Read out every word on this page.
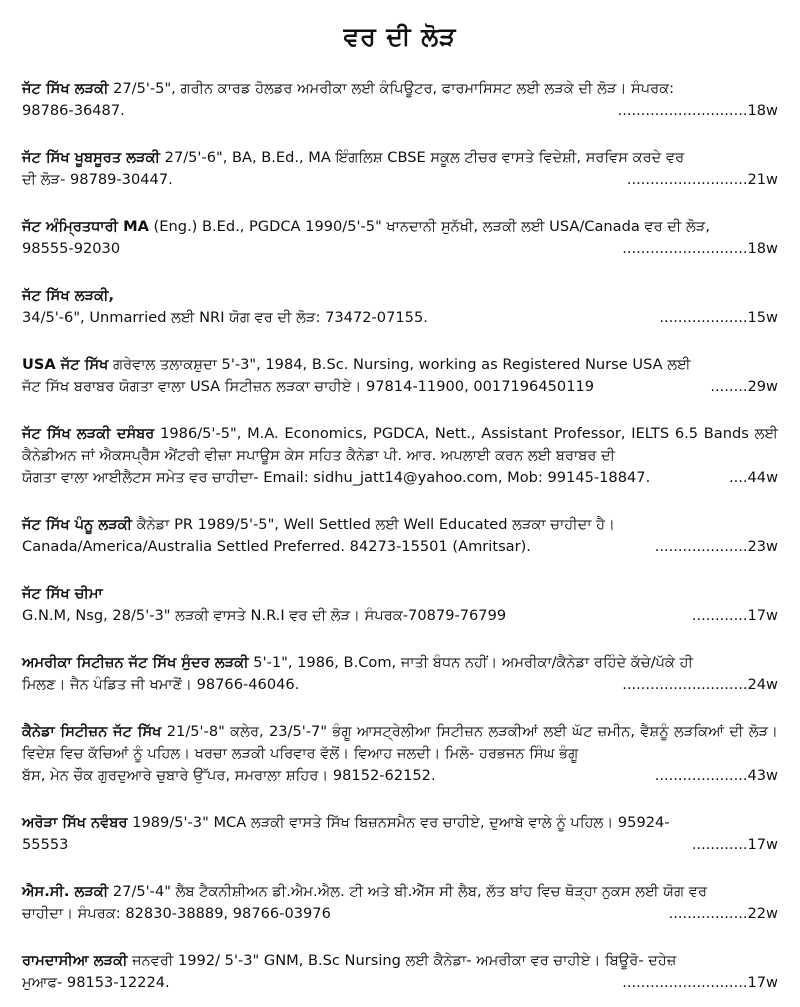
ਵਰ ਦੀ ਲੋੜ
ਜੱਟ ਸਿੱਖ ਲੜਕੀ 27/5'-5", ਗਰੀਨ ਕਾਰਡ ਹੋਲਡਰ ਅਮਰੀਕਾ ਲਈ ਕੰਪਿਊਟਰ, ਫਾਰਮਾਸਿਸਟ ਲਈ ਲੜਕੇ ਦੀ ਲੋੜ। ਸੰਪਰਕ:
98786-36487.	............................18w
ਜੱਟ ਸਿੱਖ ਖੂਬਸੂਰਤ ਲੜਕੀ 27/5'-6", BA, B.Ed., MA ਇੰਗਲਿਸ਼ CBSE ਸਕੂਲ ਟੀਚਰ ਵਾਸਤੇ ਵਿਦੇਸ਼ੀ, ਸਰਵਿਸ ਕਰਦੇ ਵਰ
ਦੀ ਲੋੜ- 98789-30447.	..........................21w
ਜੱਟ ਅੰਮ੍ਰਿਤਧਾਰੀ MA (Eng.) B.Ed., PGDCA 1990/5'-5" ਖਾਨਦਾਨੀ ਸੁਨੱਖੀ, ਲੜਕੀ ਲਈ USA/Canada ਵਰ ਦੀ ਲੋੜ,
98555-92030	...........................18w
ਜੱਟ ਸਿੱਖ ਲੜਕੀ,
34/5'-6", Unmarried ਲਈ NRI ਯੋਗ ਵਰ ਦੀ ਲੋੜ: 73472-07155.	...................15w
USA ਜੱਟ ਸਿੱਖ ਗਰੇਵਾਲ ਤਲਾਕਸ਼ੁਦਾ 5'-3", 1984, B.Sc. Nursing, working as Registered Nurse USA ਲਈ
ਜੱਟ ਸਿੱਖ ਬਰਾਬਰ ਯੋਗਤਾ ਵਾਲਾ USA ਸਿਟੀਜ਼ਨ ਲੜਕਾ ਚਾਹੀਏ। 97814-11900, 0017196450119	........29w
ਜੱਟ ਸਿੱਖ ਲੜਕੀ ਦਸੰਬਰ 1986/5'-5", M.A. Economics, PGDCA, Nett., Assistant Professor, IELTS 6.5 Bands ਲਈ ਕੈਨੇਡੀਅਨ ਜਾਂ ਐਕਸਪ੍ਰੈੱਸ ਐਂਟਰੀ ਵੀਜ਼ਾ ਸਪਾਊਸ ਕੇਸ ਸਹਿਤ ਕੈਨੇਡਾ ਪੀ. ਆਰ. ਅਪਲਾਈ ਕਰਨ ਲਈ ਬਰਾਬਰ ਦੀ
ਯੋਗਤਾ ਵਾਲਾ ਆਈਲੈਟਸ ਸਮੇਤ ਵਰ ਚਾਹੀਦਾ- Email: sidhu_jatt14@yahoo.com, Mob: 99145-18847.	....44w
ਜੱਟ ਸਿੱਖ ਪੰਨੂ ਲੜਕੀ ਕੈਨੇਡਾ PR 1989/5'-5", Well Settled ਲਈ Well Educated ਲੜਕਾ ਚਾਹੀਦਾ ਹੈ।
Canada/America/Australia Settled Preferred. 84273-15501 (Amritsar).	....................23w
ਜੱਟ ਸਿੱਖ ਚੀਮਾ
G.N.M, Nsg, 28/5'-3" ਲੜਕੀ ਵਾਸਤੇ N.R.I ਵਰ ਦੀ ਲੋੜ। ਸੰਪਰਕ-70879-76799	............17w
ਅਮਰੀਕਾ ਸਿਟੀਜ਼ਨ ਜੱਟ ਸਿੱਖ ਸੁੰਦਰ ਲੜਕੀ 5'-1", 1986, B.Com, ਜਾਤੀ ਬੰਧਨ ਨਹੀਂ। ਅਮਰੀਕਾ/ਕੈਨੇਡਾ ਰਹਿੰਦੇ ਕੱਚੇ/ਪੱਕੇ ਹੀ
ਮਿਲਣ। ਜੈਨ ਪੰਡਿਤ ਜੀ ਖਮਾਣੋਂ। 98766-46046.	...........................24w
ਕੈਨੇਡਾ ਸਿਟੀਜ਼ਨ ਜੱਟ ਸਿੱਖ 21/5'-8" ਕਲੇਰ, 23/5'-7" ਭੰਗੂ ਆਸਟ੍ਰੇਲੀਆ ਸਿਟੀਜ਼ਨ ਲੜਕੀਆਂ ਲਈ ਘੱਟ ਜ਼ਮੀਨ, ਵੈਸ਼ਨੂੰ ਲੜਕਿਆਂ ਦੀ ਲੋੜ। ਵਿਦੇਸ਼ ਵਿਚ ਕੱਚਿਆਂ ਨੂੰ ਪਹਿਲ। ਖਰਚਾ ਲੜਕੀ ਪਰਿਵਾਰ ਵੱਲੋਂ। ਵਿਆਹ ਜਲਦੀ। ਮਿਲੋ- ਹਰਭਜਨ ਸਿੰਘ ਭੰਗੂ
ਬੱਸ, ਮੇਨ ਚੌਕ ਗੁਰਦੁਆਰੇ ਚੁਬਾਰੇ ਉੱਪਰ, ਸਮਰਾਲਾ ਸ਼ਹਿਰ। 98152-62152.	....................43w
ਅਰੋੜਾ ਸਿੱਖ ਨਵੰਬਰ 1989/5'-3" MCA ਲੜਕੀ ਵਾਸਤੇ ਸਿੱਖ ਬਿਜ਼ਨਸਮੈਨ ਵਰ ਚਾਹੀਏ, ਦੁਆਬੇ ਵਾਲੇ ਨੂੰ ਪਹਿਲ। 95924-
55553	............17w
ਐਸ.ਸੀ. ਲੜਕੀ 27/5'-4" ਲੈਬ ਟੈਕਨੀਸ਼ੀਅਨ ਡੀ.ਐਮ.ਐਲ. ਟੀ ਅਤੇ ਬੀ.ਐੱਸ ਸੀ ਲੈਬ, ਲੱਤ ਬਾਂਹ ਵਿਚ ਥੋੜ੍ਹਾ ਨੁਕਸ ਲਈ ਯੋਗ ਵਰ
ਚਾਹੀਦਾ। ਸੰਪਰਕ: 82830-38889, 98766-03976	.................22w
ਰਾਮਦਾਸੀਆ ਲੜਕੀ ਜਨਵਰੀ 1992/ 5'-3" GNM, B.Sc Nursing ਲਈ ਕੈਨੇਡਾ- ਅਮਰੀਕਾ ਵਰ ਚਾਹੀਏ। ਬਿਊਰੋ- ਦਹੇਜ਼
ਮੁਆਫ- 98153-12224.	...........................17w
